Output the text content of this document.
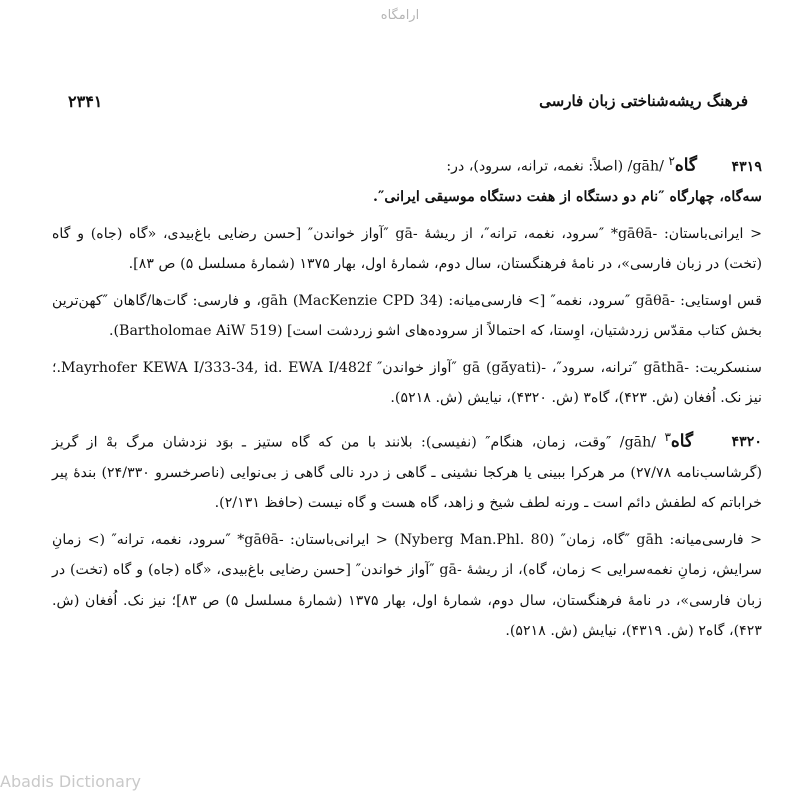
ارامگاه
فرهنگ ریشه‌شناختی زبان فارسی
۲۳۴۱
۴۳۱۹ گاه$^۲$ /gāh/ (اصلاً: نغمه، ترانه، سرود)، در:
سه‌گاه، چهارگاه ″نام دو دستگاه از هفت دستگاه موسیقی ایرانی″.
< ایرانی‌باستان: -gāθā* ″سرود، نغمه، ترانه″، از ریشهٔ -gā ″آواز خواندن″ [حسن رضایی باغ‌بیدی، «گاه (جاه) و گاه (تخت) در زبان فارسی»، در نامهٔ فرهنگستان، سال دوم، شمارهٔ اول، بهار ۱۳۷۵ (شمارهٔ مسلسل ۵) ص ۸۳].
قس اوستایی: -gāθā ″سرود، نغمه″ [> فارسی‌میانه: gāh (MacKenzie CPD 34)، و فارسی: گات‌ها/گاهان ″کهن‌ترین بخش کتاب مقدّس زردشتیان، اوِستا، که احتمالاً از سروده‌های اشو زردشت است] (Bartholomae AiW 519).
سنسکریت: -gāthā ″ترانه، سرود″، -gā (gā́yati) ″آواز خواندن″ Mayrhofer KEWA I/333-34, id. EWA I/482f.؛ نیز نک. اُفغان (ش. ۴۲۳)، گاه۳ (ش. ۴۳۲۰)، نیایش (ش. ۵۲۱۸).
۴۳۲۰ گاه$^۳$ /gāh/ ″وقت، زمان، هنگام″ (نفیسی): بلانند با من که گاه ستیز ـ بوَد نزدشان مرگ بهْ از گریز (گرشاسب‌نامه ۲۷/۷۸) مر هرکرا ببینی یا هرکجا نشینی ـ گاهی ز درد نالی گاهی ز بی‌نوایی (ناصرخسرو ۲۴/۳۳۰) بندهٔ پیر خراباتم که لطفش دائم است ـ ورنه لطف شیخ و زاهد، گاه هست و گاه نیست (حافظ ۲/۱۳۱).
< فارسی‌میانه: gāh ″گاه، زمان″ (Nyberg Man.Phl. 80) < ایرانی‌باستان: -gāθā* ″سرود، نغمه، ترانه″ (> زمانِ سرایش، زمانِ نغمه‌سرایی > زمان، گاه)، از ریشهٔ -gā ″آواز خواندن″ [حسن رضایی باغ‌بیدی، «گاه (جاه) و گاه (تخت) در زبان فارسی»، در نامهٔ فرهنگستان، سال دوم، شمارهٔ اول، بهار ۱۳۷۵ (شمارهٔ مسلسل ۵) ص ۸۳]؛ نیز نک. اُفغان (ش. ۴۲۳)، گاه۲ (ش. ۴۳۱۹)، نیایش (ش. ۵۲۱۸).
Abadis Dictionary
